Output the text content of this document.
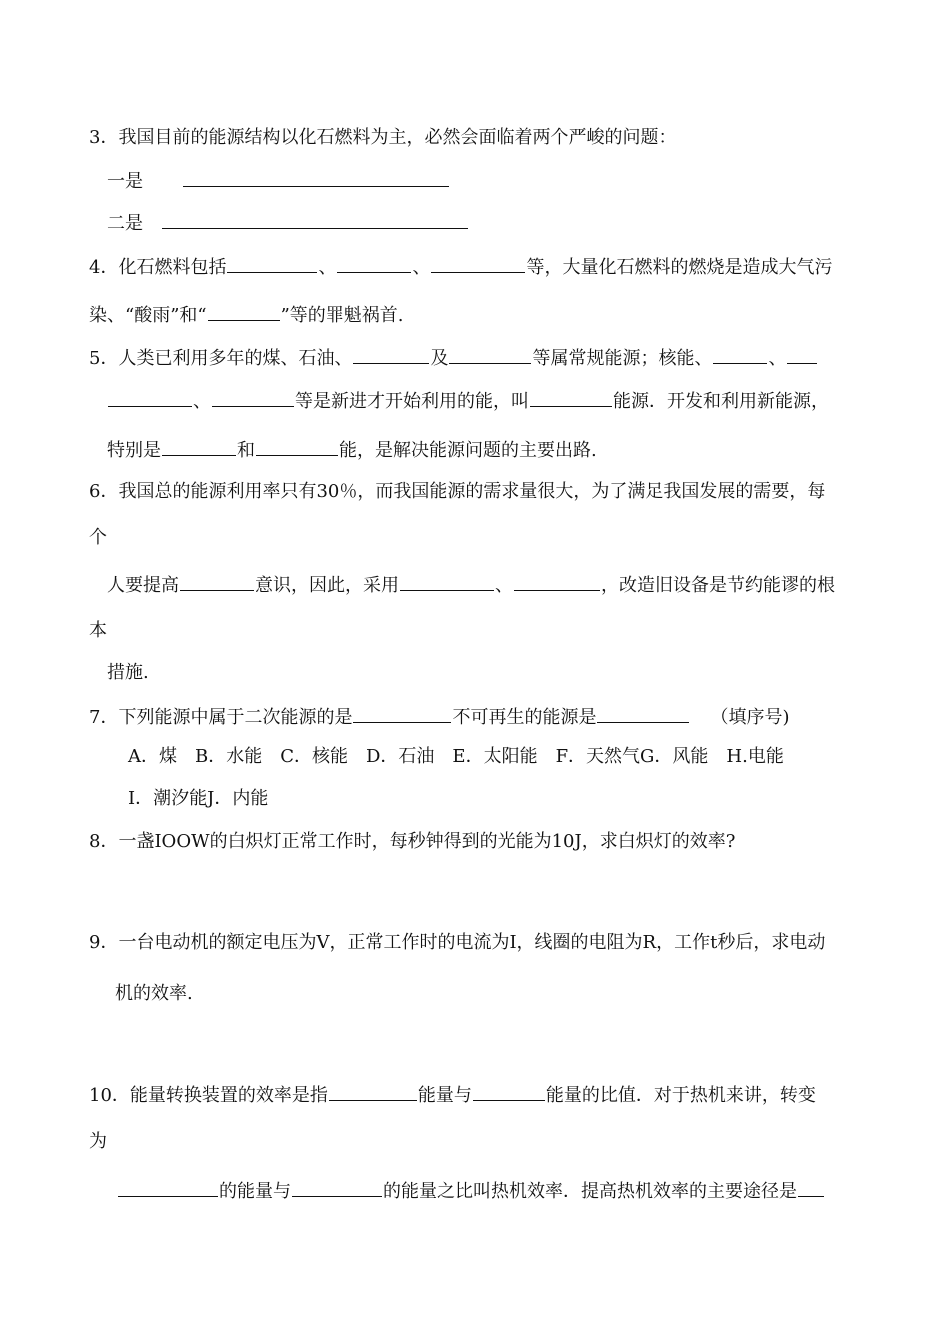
3．我国目前的能源结构以化石燃料为主，必然会面临着两个严峻的问题：
一是
二是
4．化石燃料包括	、	、	等，大量化石燃料的燃烧是造成大气污
染、“酸雨”和“	”等的罪魁祸首.
5．人类已利用多年的煤、石油、	及	等属常规能源；核能、	、
、	等是新进才开始利用的能，叫	能源．开发和利用新能源，
特别是	和	能，是解决能源问题的主要出路.
6．我国总的能源利用率只有30％，而我国能源的需求量很大，为了满足我国发展的需要，每
个
人要提高	意识，因此，采用	、	，改造旧设备是节约能谬的根
本
措施.
7．下列能源中属于二次能源的是	不可再生的能源是	（填序号)
A．煤　B．水能　C．核能　D．石油　E．太阳能　F．天然气G．风能　H.电能
I．潮汐能J．内能
8．一盏IOOW的白炽灯正常工作时，每秒钟得到的光能为10J，求白炽灯的效率?
9．一台电动机的额定电压为V，正常工作时的电流为I，线圈的电阻为R，工作t秒后，求电动
机的效率.
10．能量转换装置的效率是指	能量与	能量的比值．对于热机来讲，转变
为
的能量与	的能量之比叫热机效率．提高热机效率的主要途径是
